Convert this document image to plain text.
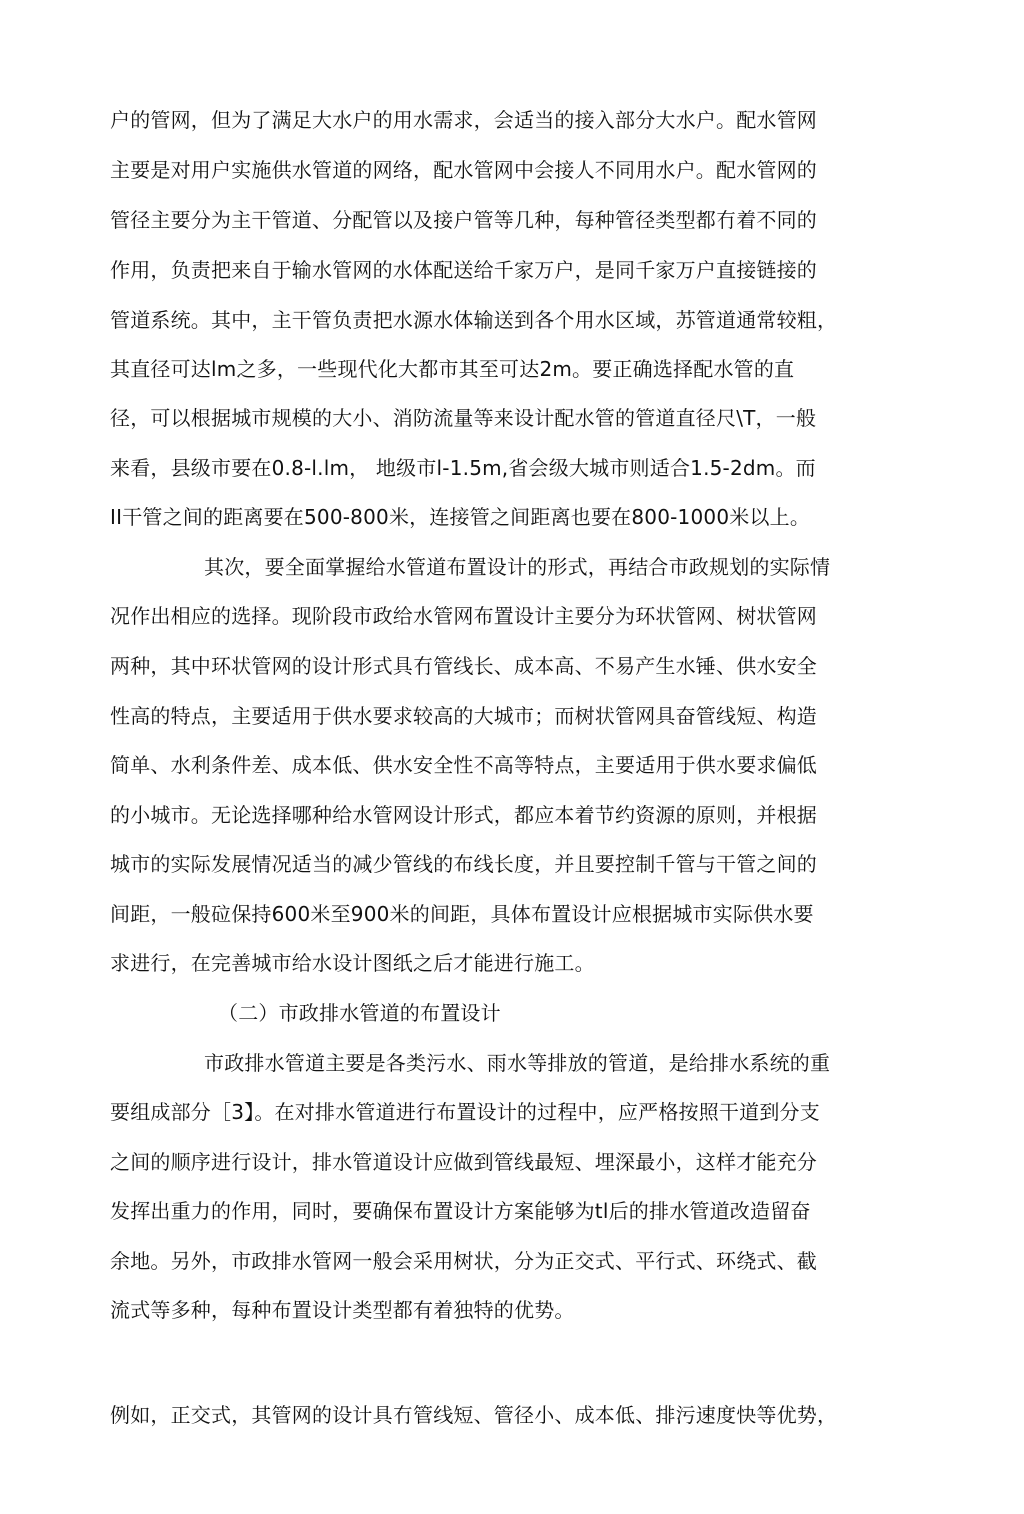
户的管网，但为了满足大水户的用水需求，会适当的接入部分大水户。配水管网
主要是对用户实施供水管道的网络，配水管网中会接人不同用水户。配水管网的
管径主要分为主干管道、分配管以及接户管等几种，每种管径类型都冇着不同的
作用，负责把来自于输水管网的水体配送给千家万户，是同千家万户直接链接的
管道系统。其中，主干管负责把水源水体输送到各个用水区域，苏管道通常较粗，
其直径可达lm之多，一些现代化大都市其至可达2m。要正确选择配水管的直
径，可以根据城市规模的大小、消防流量等来设计配水管的管道直径尺\T，一般
来看，县级市要在0.8-l.lm， 地级市l-1.5m,省会级大城市则适合1.5-2dm。而
II干管之间的距离要在500-800米，连接管之间距离也要在800-1000米以上。
其次，要全面掌握给水管道布置设计的形式，再结合市政规划的实际情
况作出相应的选择。现阶段市政给水管网布置设计主要分为环状管网、树状管网
两种，其中环状管网的设计形式具冇管线长、成本高、不易产生水锤、供水安全
性高的特点，主要适用于供水要求较高的大城市；而树状管网具奋管线短、构造
简单、水利条件差、成本低、供水安全性不高等特点，主要适用于供水要求偏低
的小城市。无论选择哪种给水管网设计形式，都应本着节约资源的原则，并根据
城市的实际发展情况适当的减少管线的布线长度，并且要控制千管与干管之间的
间距，一般砬保持600米至900米的间距，具体布置设计应根据城市实际供水要
求进行，在完善城市给水设计图纸之后才能进行施工。
（二）市政排水管道的布置设计
市政排水管道主要是各类污水、雨水等排放的管道，是给排水系统的重
要组成部分［3】。在对排水管道进行布置设计的过程中，应严格按照干道到分支
之间的顺序进行设计，排水管道设计应做到管线最短、埋深最小，这样才能充分
发挥出重力的作用，同时，要确保布置设计方案能够为tl后的排水管道改造留奋
余地。另外，市政排水管网一般会采用树状，分为正交式、平行式、环绕式、截
流式等多种，每种布置设计类型都有着独特的优势。
例如，正交式，其管网的设计具冇管线短、管径小、成本低、排污速度快等优势，
